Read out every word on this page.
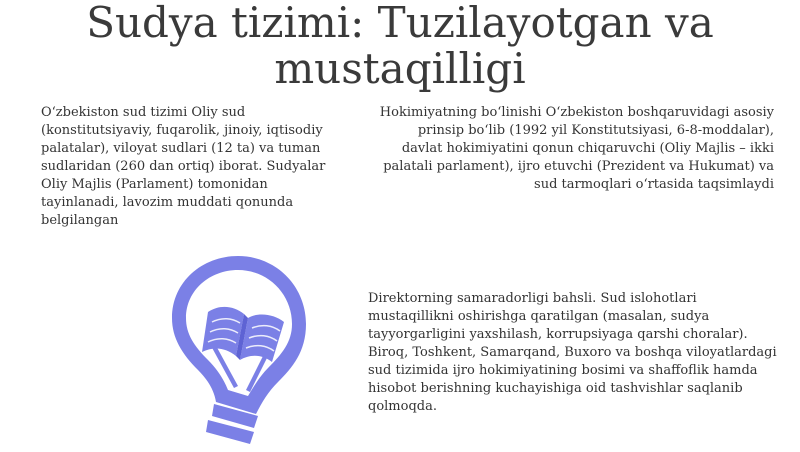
Sudya tizimi: Tuzilayotgan va mustaqilligi

O‘zbekiston sud tizimi Oliy sud (konstitutsiyaviy, fuqarolik, jinoiy, iqtisodiy palatalar), viloyat sudlari (12 ta) va tuman sudlaridan (260 dan ortiq) iborat. Sudyalar Oliy Majlis (Parlament) tomonidan tayinlanadi, lavozim muddati qonunda belgilangan

Hokimiyatning bo‘linishi O‘zbekiston boshqaruvidagi asosiy prinsip bo‘lib (1992 yil Konstitutsiyasi, 6-8-moddalar), davlat hokimiyatini qonun chiqaruvchi (Oliy Majlis – ikki palatali parlament), ijro etuvchi (Prezident va Hukumat) va sud tarmoqlari o‘rtasida taqsimlaydi

Direktorning samaradorligi bahsli. Sud islohotlari mustaqillikni oshirishga qaratilgan (masalan, sudya tayyorgarligini yaxshilash, korrupsiyaga qarshi choralar). Biroq, Toshkent, Samarqand, Buxoro va boshqa viloyatlardagi sud tizimida ijro hokimiyatining bosimi va shaffoflik hamda hisobot berishning kuchayishiga oid tashvishlar saqlanib qolmoqda.
